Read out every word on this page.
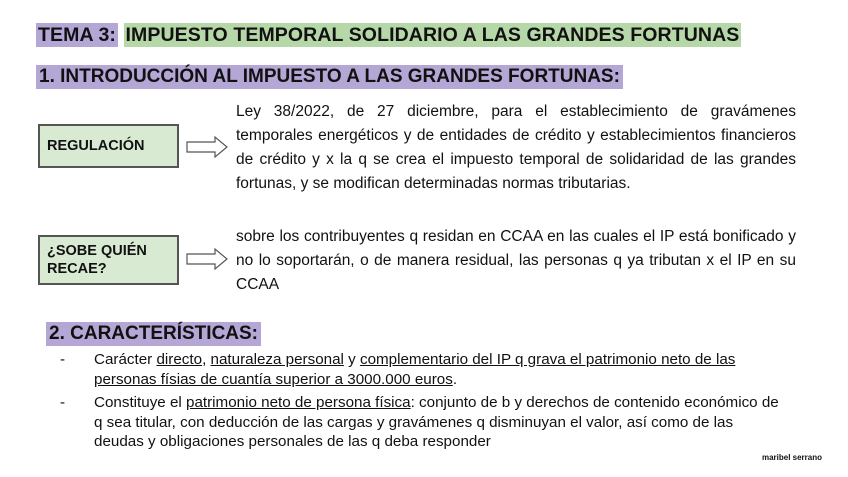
TEMA 3: IMPUESTO TEMPORAL SOLIDARIO A LAS GRANDES FORTUNAS
1. INTRODUCCIÓN AL IMPUESTO A LAS GRANDES FORTUNAS:
REGULACIÓN
Ley 38/2022, de 27 diciembre, para el establecimiento de gravámenes temporales energéticos y de entidades de crédito y establecimientos financieros de crédito y x la q se crea el impuesto temporal de solidaridad de las grandes fortunas, y se modifican determinadas normas tributarias.
¿SOBE QUIÉN
RECAE?
sobre los contribuyentes q residan en CCAA en las cuales el IP está bonificado y no lo soportarán, o de manera residual, las personas q ya tributan x el IP en su CCAA
2. CARACTERÍSTICAS:
-	Carácter directo, naturaleza personal y complementario del IP q grava el patrimonio neto de las personas físias de cuantía superior a 3000.000 euros.
-	Constituye el patrimonio neto de persona física: conjunto de b y derechos de contenido económico de q sea titular, con deducción de las cargas y gravámenes q disminuyan el valor, así como de las deudas y obligaciones personales de las q deba responder
maribel serrano
